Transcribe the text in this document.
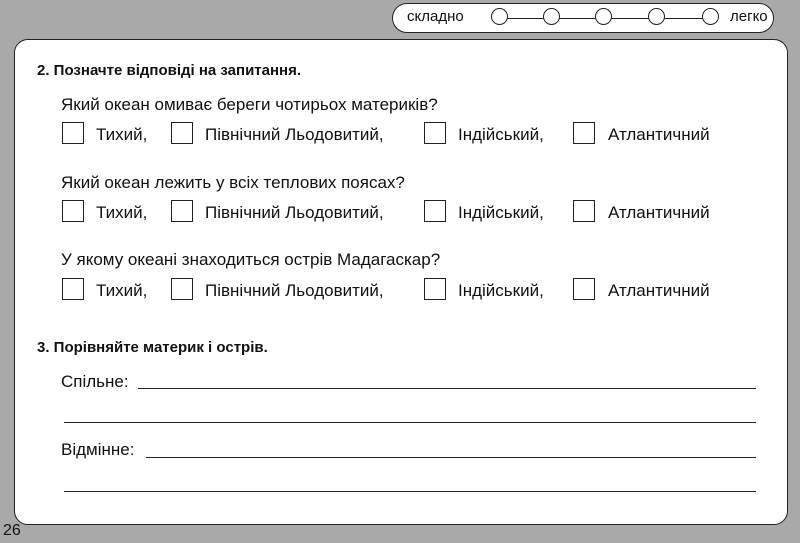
складно	легко
2. Позначте відповіді на запитання.
Який океан омиває береги чотирьох материків?
Тихий,	Північний Льодовитий,	Індійський,	Атлантичний
Який океан лежить у всіх теплових поясах?
Тихий,	Північний Льодовитий,	Індійський,	Атлантичний
У якому океані знаходиться острів Мадагаскар?
Тихий,	Північний Льодовитий,	Індійський,	Атлантичний
3. Порівняйте материк і острів.
Спільне:
Відмінне:
26
